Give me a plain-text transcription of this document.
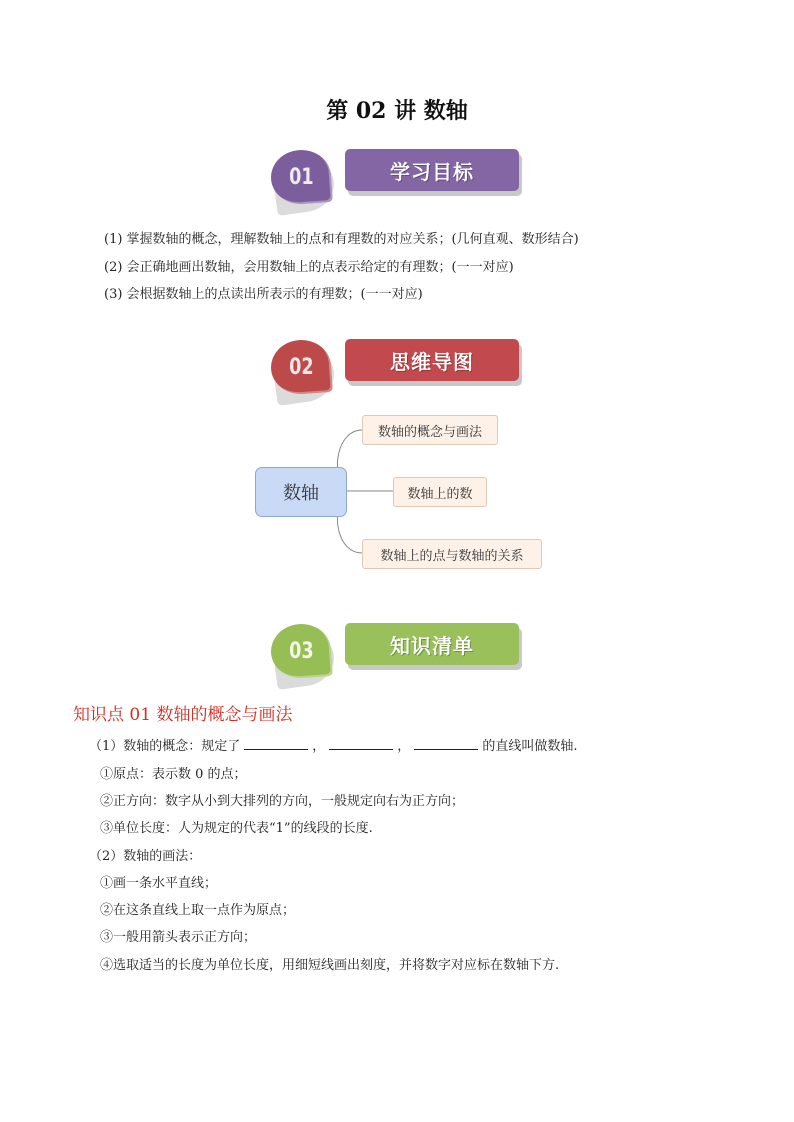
第 02 讲 数轴
01	学习目标
(1) 掌握数轴的概念，理解数轴上的点和有理数的对应关系；(几何直观、数形结合)
(2) 会正确地画出数轴，会用数轴上的点表示给定的有理数；(一一对应)
(3) 会根据数轴上的点读出所表示的有理数；(一一对应)
02	思维导图
数轴
数轴的概念与画法
数轴上的数
数轴上的点与数轴的关系
03	知识清单
知识点 01 数轴的概念与画法
（1）数轴的概念：规定了	，	，	的直线叫做数轴.
①原点：表示数 0 的点；
②正方向：数字从小到大排列的方向，一般规定向右为正方向；
③单位长度：人为规定的代表“1”的线段的长度.
（2）数轴的画法：
①画一条水平直线；
②在这条直线上取一点作为原点；
③一般用箭头表示正方向；
④选取适当的长度为单位长度，用细短线画出刻度，并将数字对应标在数轴下方.
